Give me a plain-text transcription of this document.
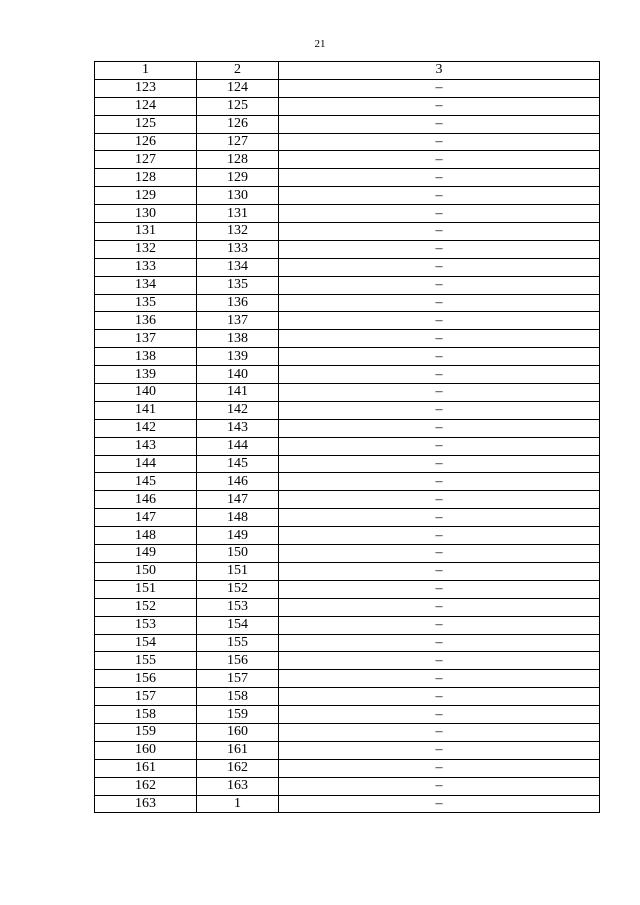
21
1	2	3
123	124	–
124	125	–
125	126	–
126	127	–
127	128	–
128	129	–
129	130	–
130	131	–
131	132	–
132	133	–
133	134	–
134	135	–
135	136	–
136	137	–
137	138	–
138	139	–
139	140	–
140	141	–
141	142	–
142	143	–
143	144	–
144	145	–
145	146	–
146	147	–
147	148	–
148	149	–
149	150	–
150	151	–
151	152	–
152	153	–
153	154	–
154	155	–
155	156	–
156	157	–
157	158	–
158	159	–
159	160	–
160	161	–
161	162	–
162	163	–
163	1	–
